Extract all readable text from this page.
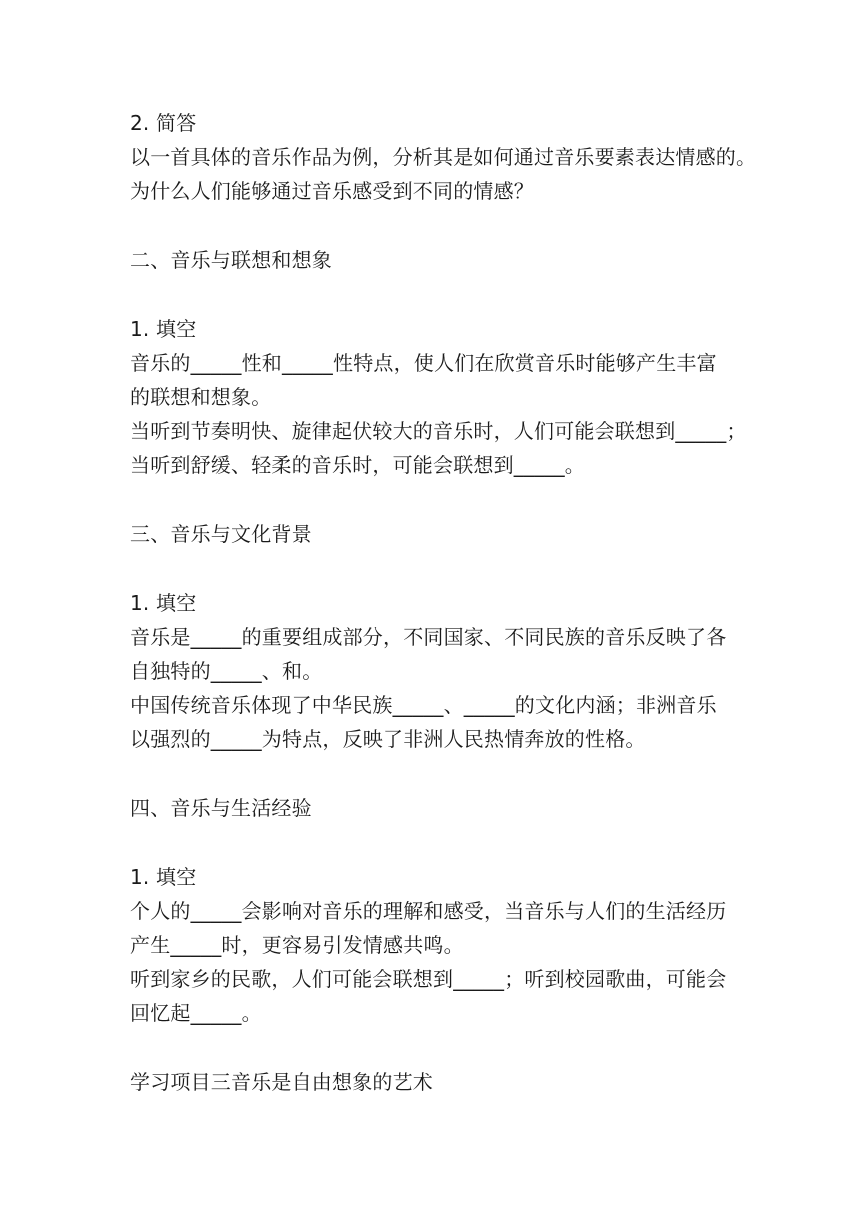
2. 简答
以一首具体的音乐作品为例，分析其是如何通过音乐要素表达情感的。
为什么人们能够通过音乐感受到不同的情感？
二、音乐与联想和想象
1. 填空
音乐的_____性和_____性特点，使人们在欣赏音乐时能够产生丰富
的联想和想象。
当听到节奏明快、旋律起伏较大的音乐时，人们可能会联想到_____；
当听到舒缓、轻柔的音乐时，可能会联想到_____。
三、音乐与文化背景
1. 填空
音乐是_____的重要组成部分，不同国家、不同民族的音乐反映了各
自独特的_____、和。
中国传统音乐体现了中华民族_____、_____的文化内涵；非洲音乐
以强烈的_____为特点，反映了非洲人民热情奔放的性格。
四、音乐与生活经验
1. 填空
个人的_____会影响对音乐的理解和感受，当音乐与人们的生活经历
产生_____时，更容易引发情感共鸣。
听到家乡的民歌，人们可能会联想到_____；听到校园歌曲，可能会
回忆起_____。
学习项目三音乐是自由想象的艺术
